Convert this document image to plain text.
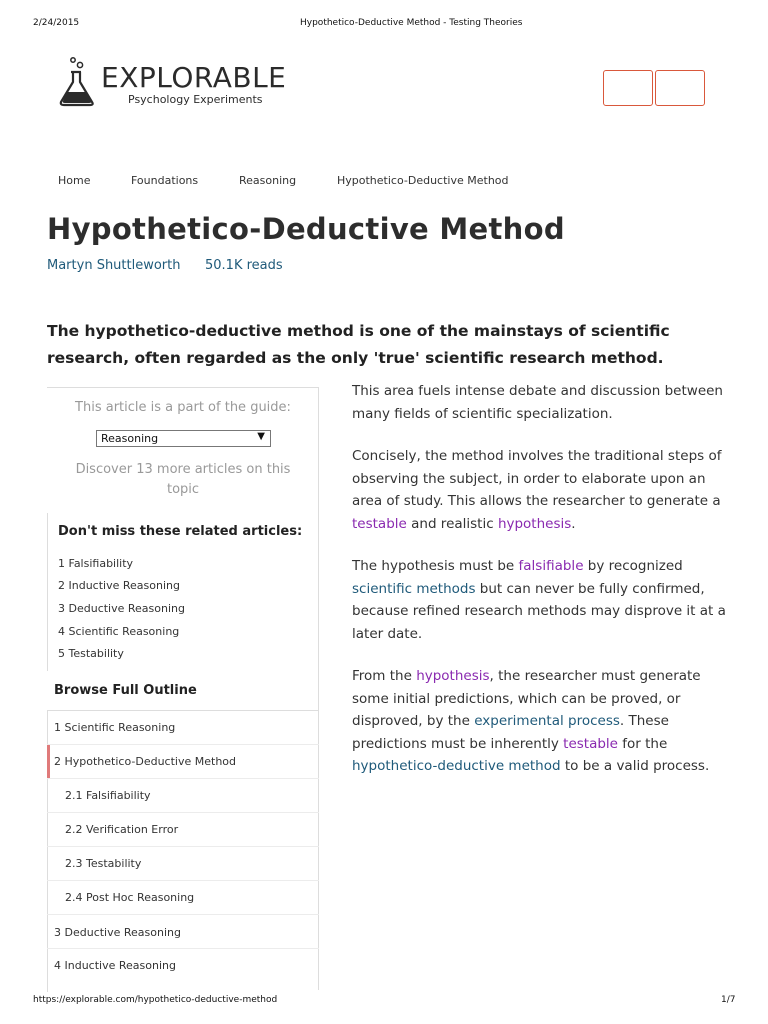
2/24/2015	Hypothetico-Deductive Method - Testing Theories
EXPLORABLE
Psychology Experiments
Home	Foundations	Reasoning	Hypothetico-Deductive Method
Hypothetico-Deductive Method
Martyn Shuttleworth 50.1K reads

The hypothetico-deductive method is one of the mainstays of scientific research, often regarded as the only 'true' scientific research method.

This article is a part of the guide:
Reasoning	▼
Discover 13 more articles on this topic
Don't miss these related articles:
1 Falsifiability
2 Inductive Reasoning
3 Deductive Reasoning
4 Scientific Reasoning
5 Testability
Browse Full Outline
1 Scientific Reasoning
2 Hypothetico-Deductive Method
2.1 Falsifiability
2.2 Verification Error
2.3 Testability
2.4 Post Hoc Reasoning
3 Deductive Reasoning
4 Inductive Reasoning

This area fuels intense debate and discussion between many fields of scientific specialization.

Concisely, the method involves the traditional steps of observing the subject, in order to elaborate upon an area of study. This allows the researcher to generate a testable and realistic hypothesis.

The hypothesis must be falsifiable by recognized scientific methods but can never be fully confirmed, because refined research methods may disprove it at a later date.

From the hypothesis, the researcher must generate some initial predictions, which can be proved, or disproved, by the experimental process. These predictions must be inherently testable for the hypothetico-deductive method to be a valid process.

https://explorable.com/hypothetico-deductive-method	1/7
